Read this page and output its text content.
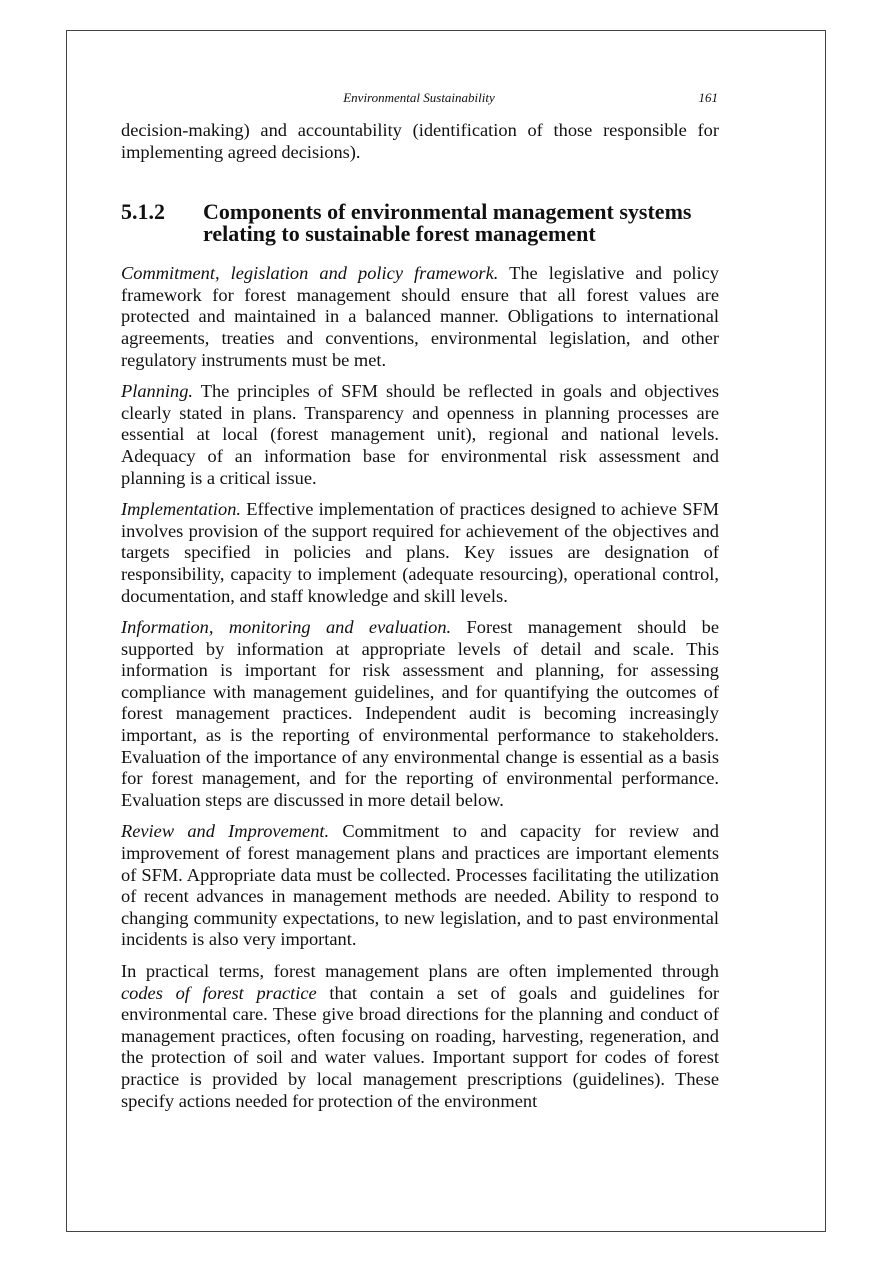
Environmental Sustainability	161

decision-making) and accountability (identification of those responsible for implementing agreed decisions).

5.1.2	Components of environmental management systems relating to sustainable forest management

Commitment, legislation and policy framework. The legislative and policy framework for forest management should ensure that all forest values are protected and maintained in a balanced manner. Obligations to international agreements, treaties and conventions, environmental legislation, and other regulatory instruments must be met.

Planning. The principles of SFM should be reflected in goals and objectives clearly stated in plans. Transparency and openness in planning processes are essential at local (forest management unit), regional and national levels. Adequacy of an information base for environmental risk assessment and planning is a critical issue.

Implementation. Effective implementation of practices designed to achieve SFM involves provision of the support required for achievement of the objectives and targets specified in policies and plans. Key issues are designation of responsibility, capacity to implement (adequate resourcing), operational control, documentation, and staff knowledge and skill levels.

Information, monitoring and evaluation. Forest management should be supported by information at appropriate levels of detail and scale. This information is important for risk assessment and planning, for assessing compliance with management guidelines, and for quantifying the outcomes of forest management practices. Independent audit is becoming increasingly important, as is the reporting of environmental performance to stakeholders. Evaluation of the importance of any environmental change is essential as a basis for forest management, and for the reporting of environmental performance. Evaluation steps are discussed in more detail below.

Review and Improvement. Commitment to and capacity for review and improvement of forest management plans and practices are important elements of SFM. Appropriate data must be collected. Processes facilitating the utilization of recent advances in management methods are needed. Ability to respond to changing community expectations, to new legislation, and to past environmental incidents is also very important.

In practical terms, forest management plans are often implemented through codes of forest practice that contain a set of goals and guidelines for environmental care. These give broad directions for the planning and conduct of management practices, often focusing on roading, harvesting, regeneration, and the protection of soil and water values. Important support for codes of forest practice is provided by local management prescriptions (guidelines). These specify actions needed for protection of the environment
